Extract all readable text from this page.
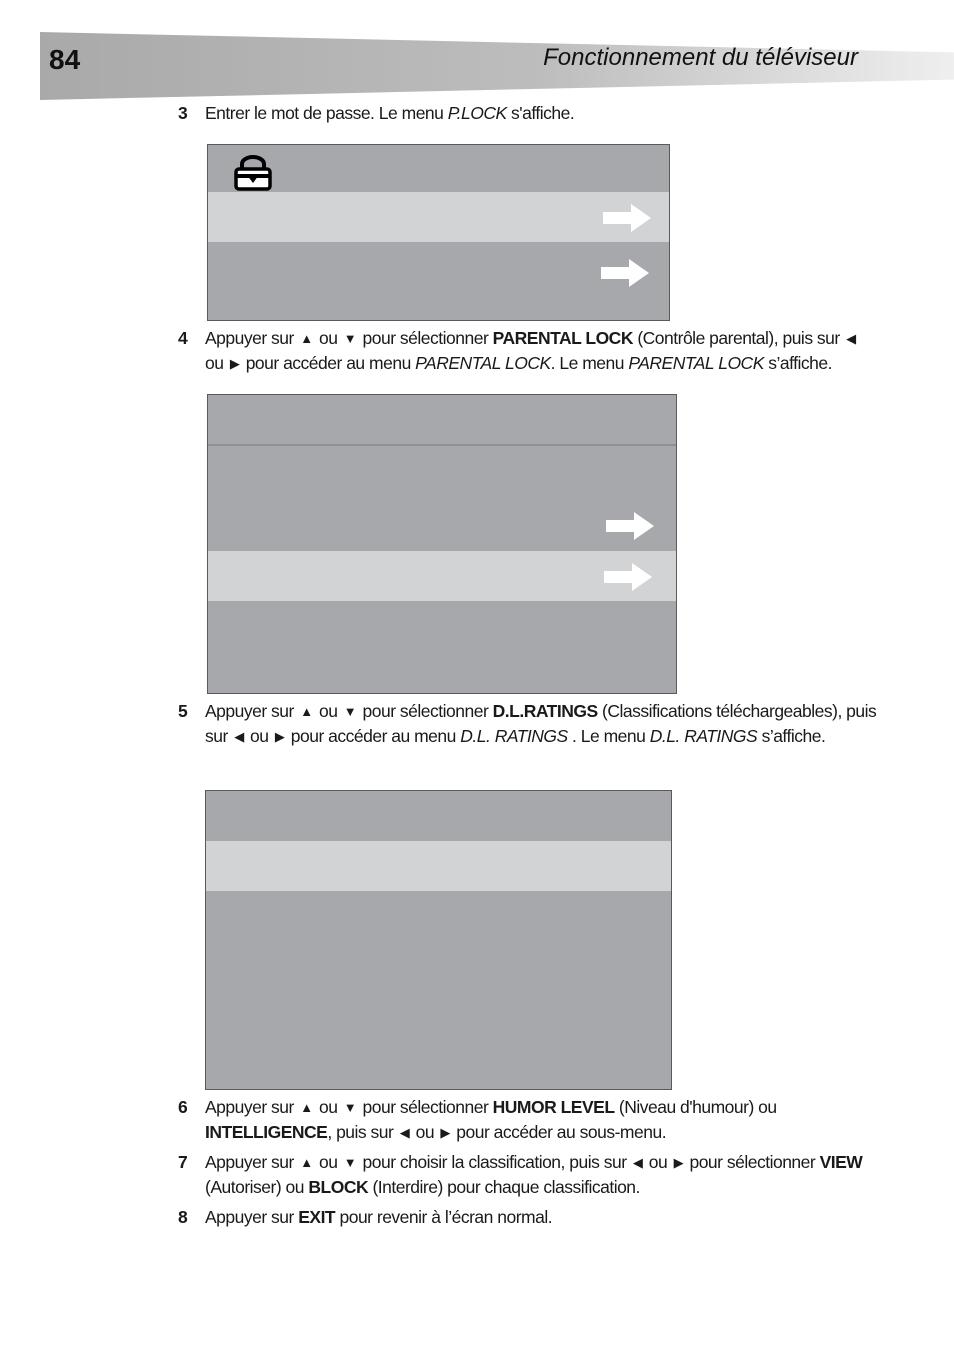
84	Fonctionnement du téléviseur
3 Entrer le mot de passe. Le menu P.LOCK s'affiche.
4 Appuyer sur ▲ ou ▼ pour sélectionner PARENTAL LOCK (Contrôle parental), puis sur ◀ ou ▶ pour accéder au menu PARENTAL LOCK. Le menu PARENTAL LOCK s’affiche.
5 Appuyer sur ▲ ou ▼ pour sélectionner D.L.RATINGS (Classifications téléchargeables), puis sur ◀ ou ▶ pour accéder au menu D.L. RATINGS . Le menu D.L. RATINGS s’affiche.
6 Appuyer sur ▲ ou ▼ pour sélectionner HUMOR LEVEL (Niveau d'humour) ou INTELLIGENCE, puis sur ◀ ou ▶ pour accéder au sous-menu.
7 Appuyer sur ▲ ou ▼ pour choisir la classification, puis sur ◀ ou ▶ pour sélectionner VIEW (Autoriser) ou BLOCK (Interdire) pour chaque classification.
8 Appuyer sur EXIT pour revenir à l’écran normal.
